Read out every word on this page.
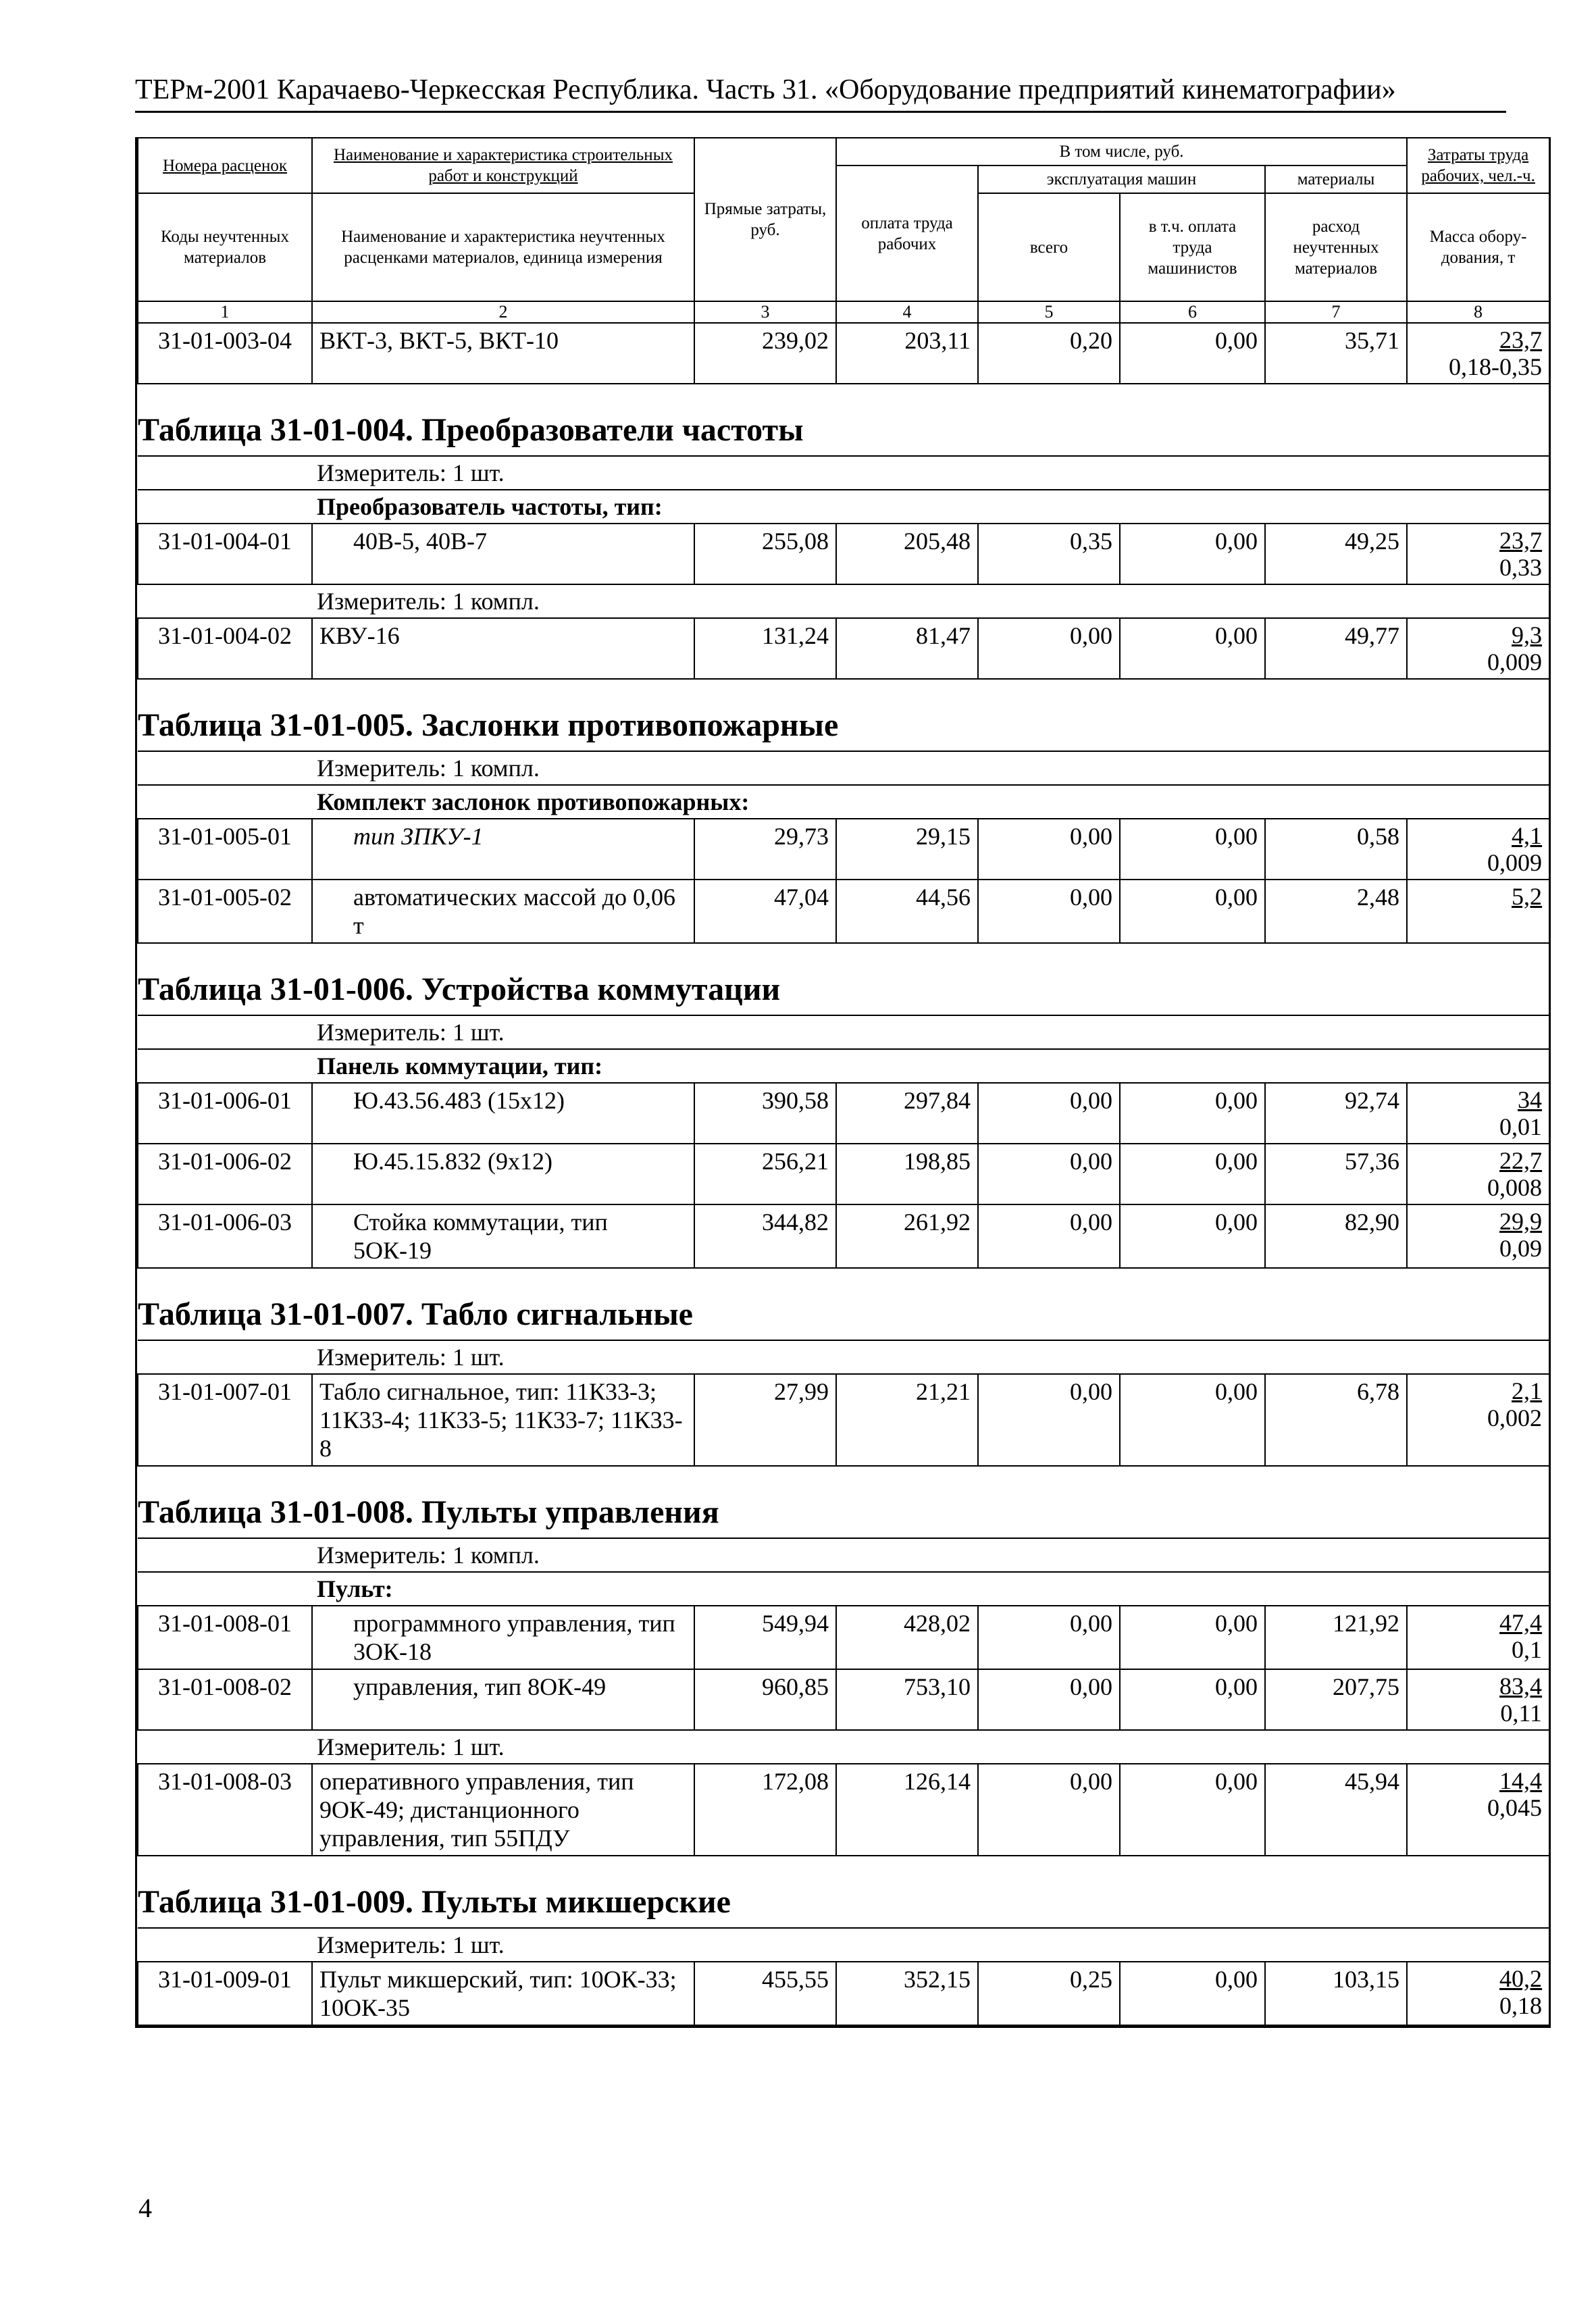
ТЕРм-2001 Карачаево-Черкесская Республика. Часть 31. «Оборудование предприятий кинематографии»
Номера расценок	Наименование и характеристика строительных работ и конструкций	Прямые затраты, руб.	В том числе, руб.				Затраты труда рабочих, чел.-ч.
			оплата труда рабочих	эксплуатация машин		материалы	
Коды неучтенных материалов	Наименование и характеристика неучтенных расценками материалов, единица измерения			всего	в т.ч. оплата труда машинистов	расход неучтенных материалов	Масса обору-дования, т

1	2	3	4	5	6	7	8
31-01-003-04	ВКТ-3, ВКТ-5, ВКТ-10	239,02	203,11	0,20	0,00	35,71	23,7
0,18-0,35

Таблица 31-01-004. Преобразователи частоты							
Измеритель: 1 шт.							
Преобразователь частоты, тип:							
31-01-004-01	40В-5, 40В-7	255,08	205,48	0,35	0,00	49,25	23,7
0,33

Измеритель: 1 компл.							
31-01-004-02	КВУ-16	131,24	81,47	0,00	0,00	49,77	9,3
0,009

Таблица 31-01-005. Заслонки противопожарные							
Измеритель: 1 компл.							
Комплект заслонок противопожарных:							
31-01-005-01	тип ЗПКУ-1	29,73	29,15	0,00	0,00	0,58	4,1
0,009

31-01-005-02	автоматических массой до 0,06 т	47,04	44,56	0,00	0,00	2,48	5,2

Таблица 31-01-006. Устройства коммутации							
Измеритель: 1 шт.							
Панель коммутации, тип:							
31-01-006-01	Ю.43.56.483 (15x12)	390,58	297,84	0,00	0,00	92,74	34
0,01

31-01-006-02	Ю.45.15.832 (9x12)	256,21	198,85	0,00	0,00	57,36	22,7
0,008

31-01-006-03	Стойка коммутации, тип 5ОК-19	344,82	261,92	0,00	0,00	82,90	29,9
0,09

Таблица 31-01-007. Табло сигнальные							
Измеритель: 1 шт.							
31-01-007-01	Табло сигнальное, тип: 11К33-3; 11К33-4; 11К33-5; 11К33-7; 11К33-8	27,99	21,21	0,00	0,00	6,78	2,1
0,002

Таблица 31-01-008. Пульты управления							
Измеритель: 1 компл.							
Пульт:							
31-01-008-01	программного управления, тип 3ОК-18	549,94	428,02	0,00	0,00	121,92	47,4
0,1

31-01-008-02	управления, тип 8ОК-49	960,85	753,10	0,00	0,00	207,75	83,4
0,11

Измеритель: 1 шт.							
31-01-008-03	оперативного управления, тип 9ОК-49; дистанционного управления, тип 55ПДУ	172,08	126,14	0,00	0,00	45,94	14,4
0,045

Таблица 31-01-009. Пульты микшерские							
Измеритель: 1 шт.							
31-01-009-01	Пульт микшерский, тип: 10ОК-33; 10ОК-35	455,55	352,15	0,25	0,00	103,15	40,2
0,18
4
